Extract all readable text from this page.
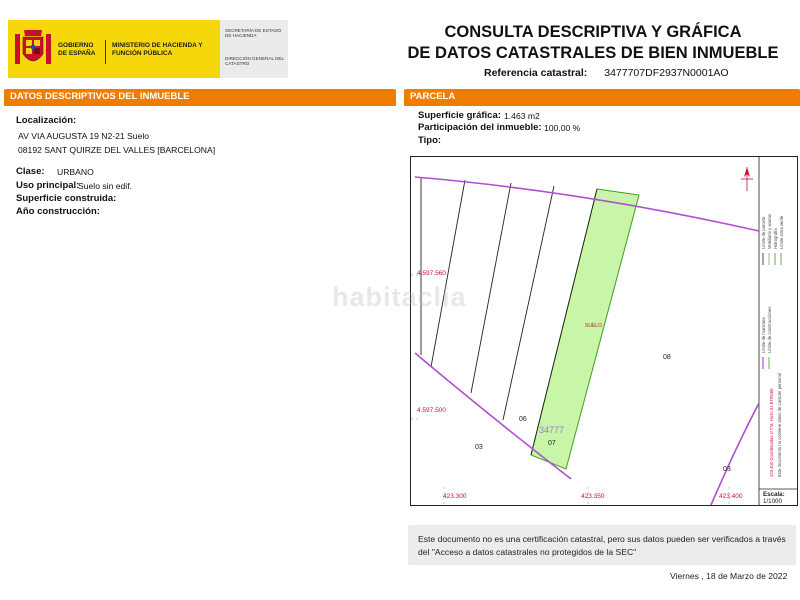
GOBIERNO DE ESPAÑA
MINISTERIO DE HACIENDA Y FUNCIÓN PÚBLICA
SECRETARÍA DE ESTADO DE HACIENDA
DIRECCIÓN GENERAL DEL CATASTRO
CONSULTA DESCRIPTIVA Y GRÁFICA
DE DATOS CATASTRALES DE BIEN INMUEBLE
Referencia catastral: 3477707DF2937N0001AO
DATOS DESCRIPTIVOS DEL INMUEBLE	PARCELA
Localización:
AV VIA AUGUSTA 19 N2-21 Suelo
08192 SANT QUIRZE DEL VALLES [BARCELONA]
Clase: URBANO
Uso principal:
Suelo sin edif.
Superficie construida:
Año construcción:
Superficie gráfica: 1.463 m2
Participación del inmueble: 100,00 %
Tipo:
4.597.560
4.597.500
423.300	423.350	423.400
SUELO
34777
07
06
03
08
03
Límite de parcela Mobiliario y aceras Hidrografía Límite zona verde
Límite de manzana Límite de construcciones
423.400 Coordenadas U.T.M. Huso 31 ETRS89 Este documento no contiene datos de carácter personal
Escala:
1/1000
habitaclia
Este documento no es una certificación catastral, pero sus datos pueden ser verificados a través del "Acceso a datos catastrales no protegidos de la SEC"
Viernes , 18 de Marzo de 2022
